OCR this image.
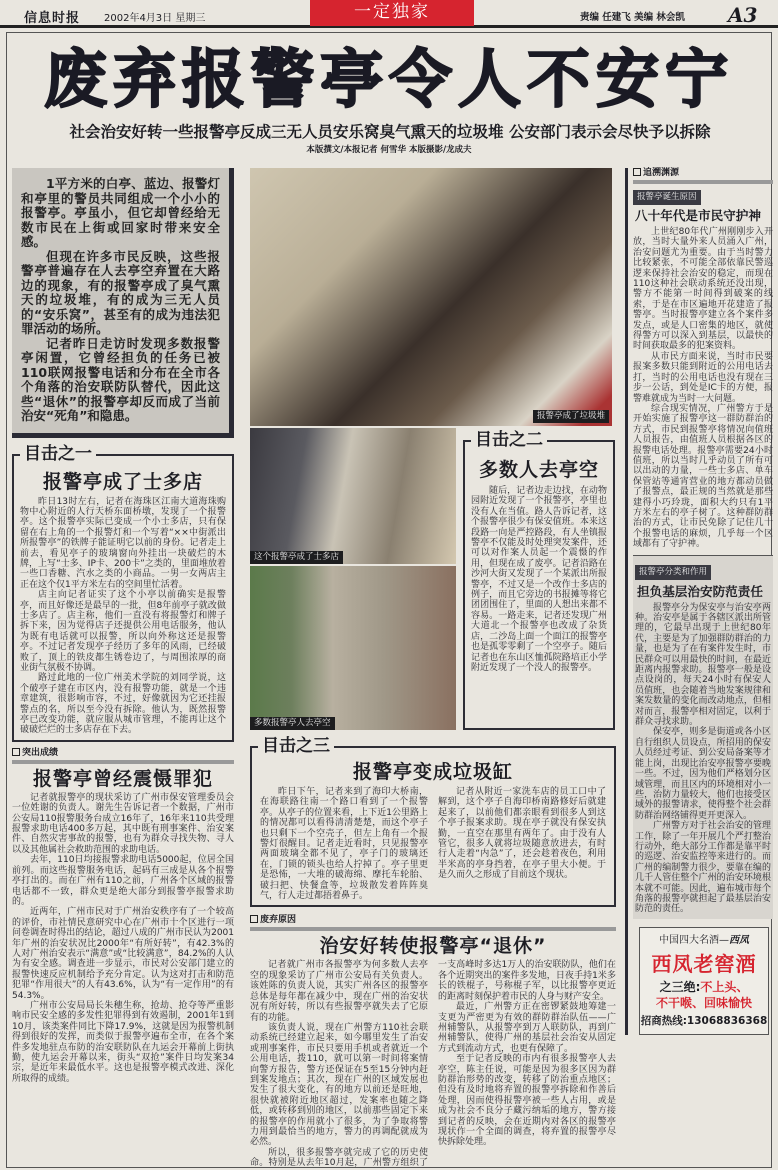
信息时报 2002年4月3日 星期三	一定独家	责编 任建飞 美编 林会凯 A3
废弃报警亭令人不安宁
社会治安好转一些报警亭反成三无人员安乐窝臭气熏天的垃圾堆 公安部门表示会尽快予以拆除
本版撰文/本报记者 何雪华 本版摄影/龙成夫

1平方米的白亭、蓝边、报警灯和亭里的警员共同组成一个小小的报警亭。亭虽小，但它却曾经给无数市民在上街或回家时带来安全感。

但现在许多市民反映，这些报警亭普遍存在人去亭空弃置在大路边的现象，有的报警亭成了臭气熏天的垃圾堆，有的成为三无人员的“安乐窝”，甚至有的成为违法犯罪活动的场所。

记者昨日走访时发现多数报警亭闲置，它曾经担负的任务已被110联网报警电话和分布在全市各个角落的治安联防队替代，因此这些“退休”的报警亭却反而成了当前治安“死角”和隐患。

目击之一
报警亭成了士多店

昨日13时左右，记者在海珠区江南大道海珠购物中心附近的人行天桥东面桥墩，发现了一个报警亭。这个报警亭实际已变成一个小士多店，只有保留在右上角的一个报警灯和一个写着“××中街派出所报警亭”的铁牌子能证明它以前的身份。记者走上前去，看见亭子的玻璃窗向外挂出一块破烂的木牌，上写“士多、IP卡、200卡”之类的，里面堆放着一些口香糖、汽水之类的小商品。一男一女两店主正在这个仅1平方米左右的空间里忙活着。

店主向记者证实了这个小亭以前确实是报警亭，而且好像还是最早的一批，但8年前亭子就改做士多店了。店主称，他们一直没有将报警灯和牌子拆下来，因为觉得店子还提供公用电话服务，他认为既有电话就可以报警，所以向外称这还是报警亭。不过记者发现亭子经历了多年的风雨，已经破败了，顶上的铁皮都生锈卷边了，与周围浓厚的商业街气氛极不协调。

路过此地的一位广州美术学院的刘同学说，这个破亭子建在市区内，没有报警功能，就是一个违章建筑，很影响市容，不过，好像就因为它还挂报警点的名，所以至今没有拆除。他认为，既然报警亭已改变功能，就应服从城市管理，不能再让这个破破烂烂的士多店存在下去。

突出成绩
报警亭曾经震慑罪犯

记者就报警亭的现状采访了广州市保安管理委员会一位姓谢的负责人。谢先生告诉记者一个数据，广州市公安局110报警服务台成立16年了，16年来110共受理报警求助电话400多万起，其中既有刑事案件、治安案件、自然灾害事故的报警，也有为群众寻找失物、寻人以及其他属社会救助范围的求助电话。

去年，110日均接报警求助电话5000起，位居全国前列。而这些报警服务电话，起码有三成是从各个报警亭打出的。而在广州有110之前，广州各个区域的报警电话都不一致，群众更是绝大部分到报警亭报警求助的。

近两年，广州市民对于广州治安秩序有了一个较高的评价，市社情民意研究中心在广州市十个区进行一项问卷调查时得出的结论，超过八成的广州市民认为2001年广州的治安状况比2000年“有所好转”，有42.3%的人对广州治安表示“满意”或“比较满意”，84.2%的人认为有安全感。调查进一步显示，市民对公安部门建立的报警快速反应机制给予充分肯定。认为这对打击和防范犯罪“作用很大”的人有43.6%，认为“有一定作用”的有54.3%。

广州市公安局局长朱穗生称，抢劫、抢夺等严重影响市民安全感的多发性犯罪得到有效遏制，2001年1到10月，该类案件同比下降17.9%，这就是因为报警机制得到很好的发挥，而类似于报警亭遍布全市，在各个案件多发地驻点布防的治安联防队在九运会开幕前上街执勤，使九运会开幕以来，街头“双抢”案件日均发案34宗，是近年来最低水平。这也是报警亭模式改进、深化所取得的成绩。

报警亭成了垃圾堆
这个报警亭成了士多店
多数报警亭人去亭空
目击之二
多数人去亭空

随后，记者边走边找，在动物园附近发现了一个报警亭，亭里也没有人在当值。路人告诉记者，这个报警亭很少有保安值班。本来这段路一向是严控路段，有人坐镇报警亭不仅能及时处理突发案件，还可以对作案人员起一个震慑的作用，但现在成了废亭。记者沿路在沙河大街又发现了一个某派出所报警亭，不过又是一个改作士多店的例子，而且它旁边的书报摊等将它团团围住了，里面的人想出来都不容易。一路走来，记者还发现广州大道北一个报警亭也改成了杂货店，二沙岛上面一个面江的报警亭也是孤零零剩了一个空亭子。随后记者也在东山区恤孤院路培正小学附近发现了一个没人的报警亭。

目击之三
报警亭变成垃圾缸

昨日下午，记者来到了海印大桥南，在海联路往南一个路口看到了一个报警亭。从亭子的位置来看，上下近1公里路上的情况都可以看得清清楚楚，而这个亭子也只剩下一个空壳子，但左上角有一个报警灯很醒目。记者走近看时，只见报警亭两面玻璃全都不见了，亭子门的玻璃还在，门锁的锁头也给人拧掉了。亭子里更是恐怖，一大堆的破海绵、摩托车轮胎、破扫把、快餐盒等，垃圾散发着阵阵臭气，行人走过都捂着鼻子。

记者从附近一家洗车店的员工口中了解到，这个亭子自海印桥南路修好后就建起来了，以前他们都亲眼看到很多人到这个亭子报案求助。现在亭子就没有保安执勤，一直空在那里有两年了。由于没有人管它，很多人就将垃圾随意放进去，有时行人走着“内急”了，还会趁着夜色，利用半米高的亭身挡着，在亭子里大小便。于是久而久之形成了目前这个现状。

废弃原因
治安好转使报警亭“退休”

记者就广州市各报警亭为何多数人去亭空的现象采访了广州市公安局有关负责人。该姓陈的负责人说，其实广州各区的报警亭总体是每年都在减少中，现在广州的治安状况有所好转，所以有些报警亭就失去了它原有的功能。

该负责人说，现在广州警方110社会联动系统已经建立起来，如今哪里发生了治安或刑事案件，市民只要用手机或者就近一个公用电话，拨110，就可以第一时间将案情向警方报告，警方还保证在5至15分钟内赶到案发地点；其次，现在广州的区域发展也发生了很大变化，有的地方以前还是旺地，很快就被附近地区超过，发案率也随之降低，或转移到别的地区，以前那些固定下来的报警亭的作用就小了很多，为了争取将警力用到最恰当的地方，警力的再调配就成为必然。

所以，很多报警亭就完成了它的历史使命。特别是从去年10月起，广州警方组织了一支高峰时多达1万人的治安联防队，他们在各个近期突出的案件多发地，日夜手持1米多长的铁棍子，号称棍子军，以比报警亭更近的距离时刻保护着市民的人身与财产安全。

最近，广州警方正在密锣紧鼓地筹建一支更为严密更为有效的群防群治队伍——广州辅警队，从报警亭到万人联防队，再到广州辅警队，使得广州的基层社会治安从固定方式到流动方式，也更有保障了。

至于记者反映的市内有很多报警亭人去亭空，陈主任说，可能是因为很多区因为群防群治形势的改变，转移了防治重点地区；但没有及时地将弃置的报警亭拆除和作善后处理，因而使得报警亭被一些人占用，或是成为社会不良分子藏污纳垢的地方，警方接到记者的反映，会在近期内对各区的报警亭现状作一个全面的调查，将弃置的报警亭尽快拆除处理。

追溯渊源
报警亭诞生原因
八十年代是市民守护神

上世纪80年代广州刚刚步入开放，当时大量外来人员涌入广州，治安问题尤为重要。由于当时警力比较紧张，不可能全部依靠民警巡逻来保持社会治安的稳定，而现在110这种社会联动系统还没出现，警方不能第一时间得到破案的线索，于是在市区遍地开花建造了报警亭。当时报警亭建立各个案件多发点，或是人口密集的地区，就使得警方可以深入到基层，以最快的时间获取最多的犯案资料。

从市民方面来说，当时市民要报案多数只能到附近的公用电话去打，当时的公用电话也没有现在三步一公话，到处是IC卡的方便，报警难就成为当时一大问题。

综合现实情况，广州警方于是开始实施了报警亭这一群防群治的方式，市民到报警亭将情况向值班人员报告，由值班人员根据各区的报警电话处理。报警亭需要24小时值班，所以当时几乎动员了所有可以出动的力量，一些士多店、单车保管站等通宵营业的地方都动员做了报警点，最正规的当然就是那些建得小巧玲珑，面积大约只有1平方米左右的亭子树了。这种群防群治的方式，让市民免除了记住几十个报警电话的麻烦，几乎每一个区域都有了守护神。

报警亭分类和作用
担负基层治安防范责任

报警亭分为保安亭与治安亭两种。治安亭是属于各辖区派出所管理的，它最早出现于上世纪80年代，主要是为了加强群防群治的力量，也是为了在有案件发生时，市民群众可以用最快的时间，在最近距离内报警求助。报警亭一般是设点设岗的，每天24小时有保安人员值班，也会随着当地发案规律和案发数量的变化而改动地点，但相对而言，报警亭相对固定，以利于群众寻找求助。

保安亭，则多是街道或各小区自行组织人员设点，所招用的保安人员经过考证、到公安局备案等才能上岗，出现比治安亭报警亭要晚一些。不过，因为他们严格划分区域管理，而且区内的环境相对小一些，治防力量较大，他们也接受区域外的报警请求，使得整个社会群防群治网络铺得更开更深入。

广州警方对于社会治安的管理工作，除了一年开展几个严打整治行动外，绝大部分工作都是靠平时的巡逻、治安监控等来进行的。而广州的编制警力很少，要靠在编的几千人管住整个广州的治安环境根本就不可能。因此，遍布城市每个角落的报警亭就担起了最基层治安防范的责任。

中国四大名酒—西凤
西凤老窖酒
之三绝:不上头、
不干喉、回味愉快
招商热线:13068836368
